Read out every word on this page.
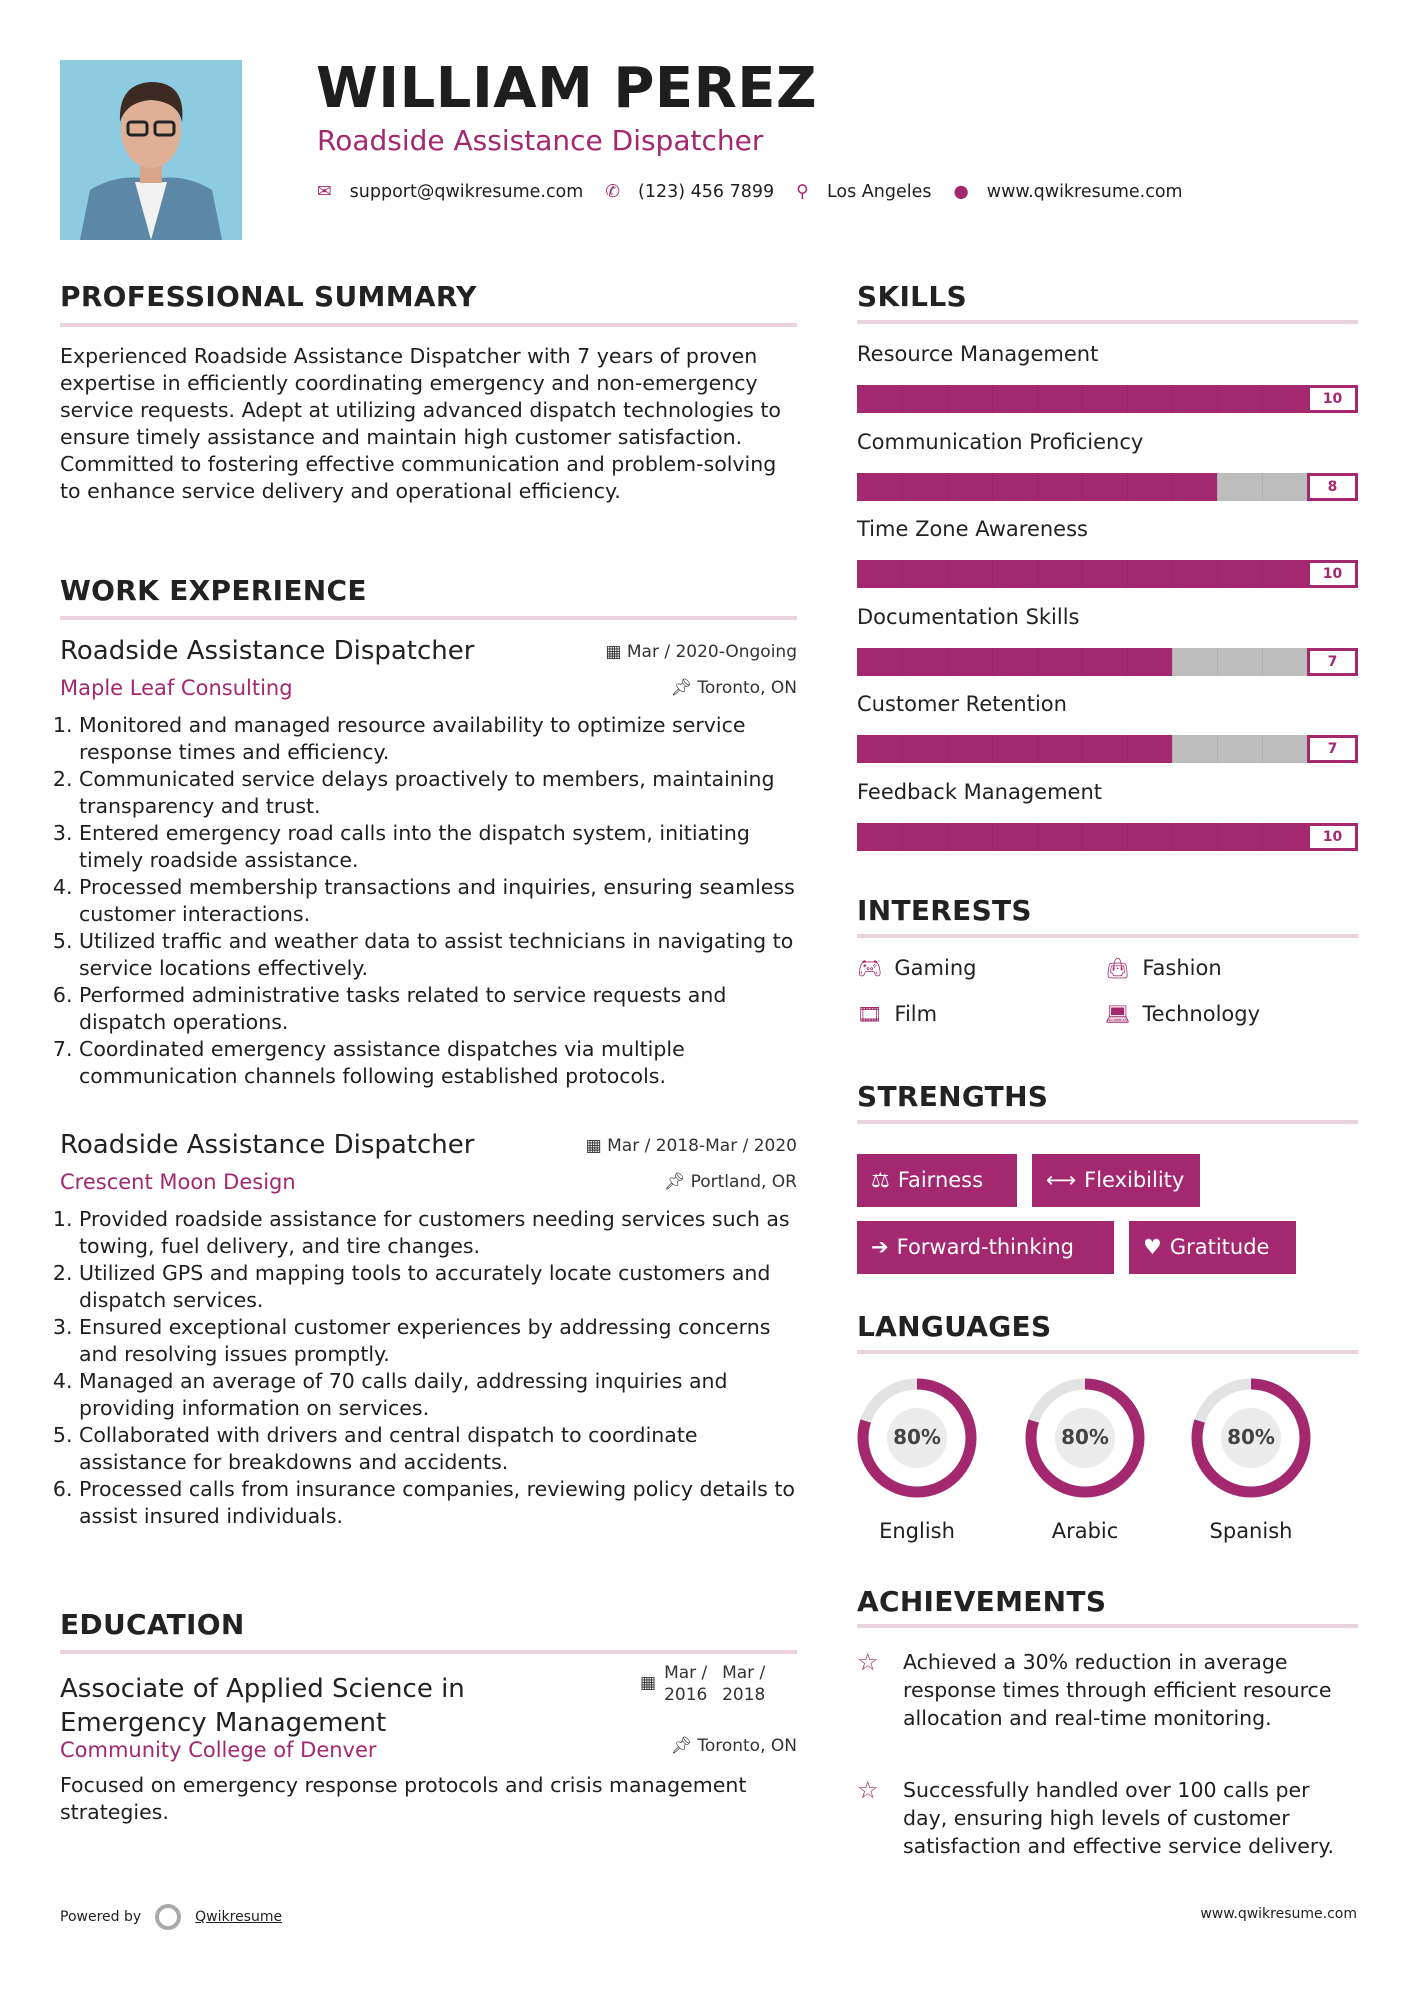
WILLIAM PEREZ
Roadside Assistance Dispatcher
✉ support@qwikresume.com ✆ (123) 456 7899 ⚲ Los Angeles ● www.qwikresume.com
PROFESSIONAL SUMMARY
Experienced Roadside Assistance Dispatcher with 7 years of proven expertise in efficiently coordinating emergency and non-emergency service requests. Adept at utilizing advanced dispatch technologies to ensure timely assistance and maintain high customer satisfaction. Committed to fostering effective communication and problem-solving to enhance service delivery and operational efficiency.
WORK EXPERIENCE
Roadside Assistance Dispatcher	▦ Mar / 2020-Ongoing
Maple Leaf Consulting	📌︎ Toronto, ON
1. Monitored and managed resource availability to optimize service response times and efficiency.
2. Communicated service delays proactively to members, maintaining transparency and trust.
3. Entered emergency road calls into the dispatch system, initiating timely roadside assistance.
4. Processed membership transactions and inquiries, ensuring seamless customer interactions.
5. Utilized traffic and weather data to assist technicians in navigating to service locations effectively.
6. Performed administrative tasks related to service requests and dispatch operations.
7. Coordinated emergency assistance dispatches via multiple communication channels following established protocols.
Roadside Assistance Dispatcher	▦ Mar / 2018-Mar / 2020
Crescent Moon Design	📌︎ Portland, OR
1. Provided roadside assistance for customers needing services such as towing, fuel delivery, and tire changes.
2. Utilized GPS and mapping tools to accurately locate customers and dispatch services.
3. Ensured exceptional customer experiences by addressing concerns and resolving issues promptly.
4. Managed an average of 70 calls daily, addressing inquiries and providing information on services.
5. Collaborated with drivers and central dispatch to coordinate assistance for breakdowns and accidents.
6. Processed calls from insurance companies, reviewing policy details to assist insured individuals.
EDUCATION
Associate of Applied Science in Emergency Management
▦ Mar / 2016
Mar / 2018
Community College of Denver	📌︎ Toronto, ON
Focused on emergency response protocols and crisis management strategies.
Powered by	Qwikresume	www.qwikresume.com
SKILLS
Resource Management
10
Communication Proficiency
8
Time Zone Awareness
10
Documentation Skills
7
Customer Retention
7
Feedback Management
10
INTERESTS
🎮︎ Gaming	👜︎ Fashion
🎞︎ Film	💻︎ Technology
STRENGTHS
⚖ Fairness	⟷ Flexibility
➔ Forward-thinking	♥ Gratitude
LANGUAGES
80%
English
80%
Arabic
80%
Spanish
ACHIEVEMENTS
☆	Achieved a 30% reduction in average response times through efficient resource allocation and real-time monitoring.
☆	Successfully handled over 100 calls per day, ensuring high levels of customer satisfaction and effective service delivery.
